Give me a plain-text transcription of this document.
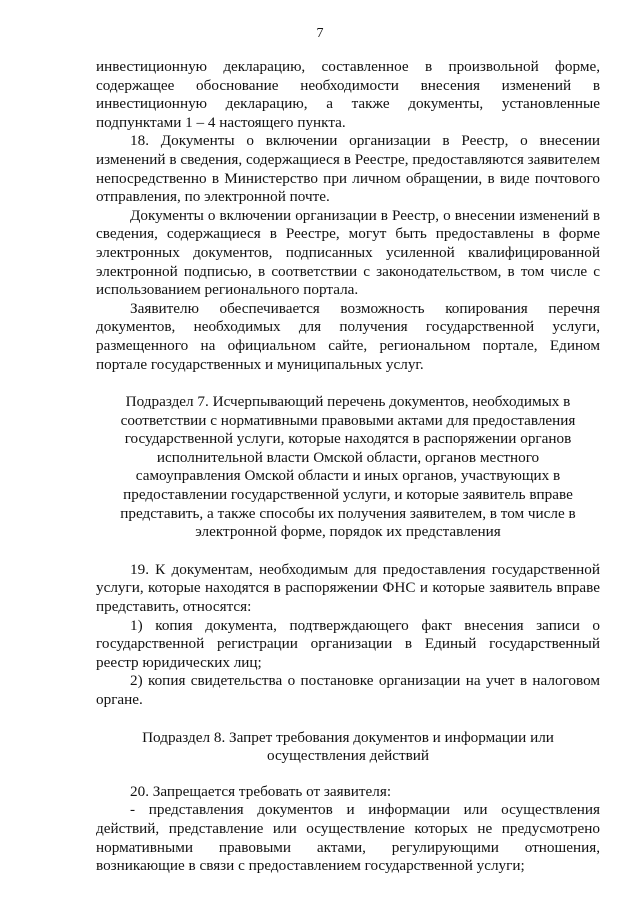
7

инвестиционную декларацию, составленное в произвольной форме, содержащее обоснование необходимости внесения изменений в инвестиционную декларацию, а также документы, установленные подпунктами 1 – 4 настоящего пункта.

18. Документы о включении организации в Реестр, о внесении изменений в сведения, содержащиеся в Реестре, предоставляются заявителем непосредственно в Министерство при личном обращении, в виде почтового отправления, по электронной почте.

Документы о включении организации в Реестр, о внесении изменений в сведения, содержащиеся в Реестре, могут быть предоставлены в форме электронных документов, подписанных усиленной квалифицированной электронной подписью, в соответствии с законодательством, в том числе с использованием регионального портала.

Заявителю обеспечивается возможность копирования перечня документов, необходимых для получения государственной услуги, размещенного на официальном сайте, региональном портале, Едином портале государственных и муниципальных услуг.

Подраздел 7. Исчерпывающий перечень документов, необходимых в соответствии с нормативными правовыми актами для предоставления государственной услуги, которые находятся в распоряжении органов исполнительной власти Омской области, органов местного самоуправления Омской области и иных органов, участвующих в предоставлении государственной услуги, и которые заявитель вправе представить, а также способы их получения заявителем, в том числе в электронной форме, порядок их представления

19. К документам, необходимым для предоставления государственной услуги, которые находятся в распоряжении ФНС и которые заявитель вправе представить, относятся:

1) копия документа, подтверждающего факт внесения записи о государственной регистрации организации в Единый государственный реестр юридических лиц;

2) копия свидетельства о постановке организации на учет в налоговом органе.

Подраздел 8. Запрет требования документов и информации или осуществления действий

20. Запрещается требовать от заявителя:

- представления документов и информации или осуществления действий, представление или осуществление которых не предусмотрено нормативными правовыми актами, регулирующими отношения, возникающие в связи с предоставлением государственной услуги;
